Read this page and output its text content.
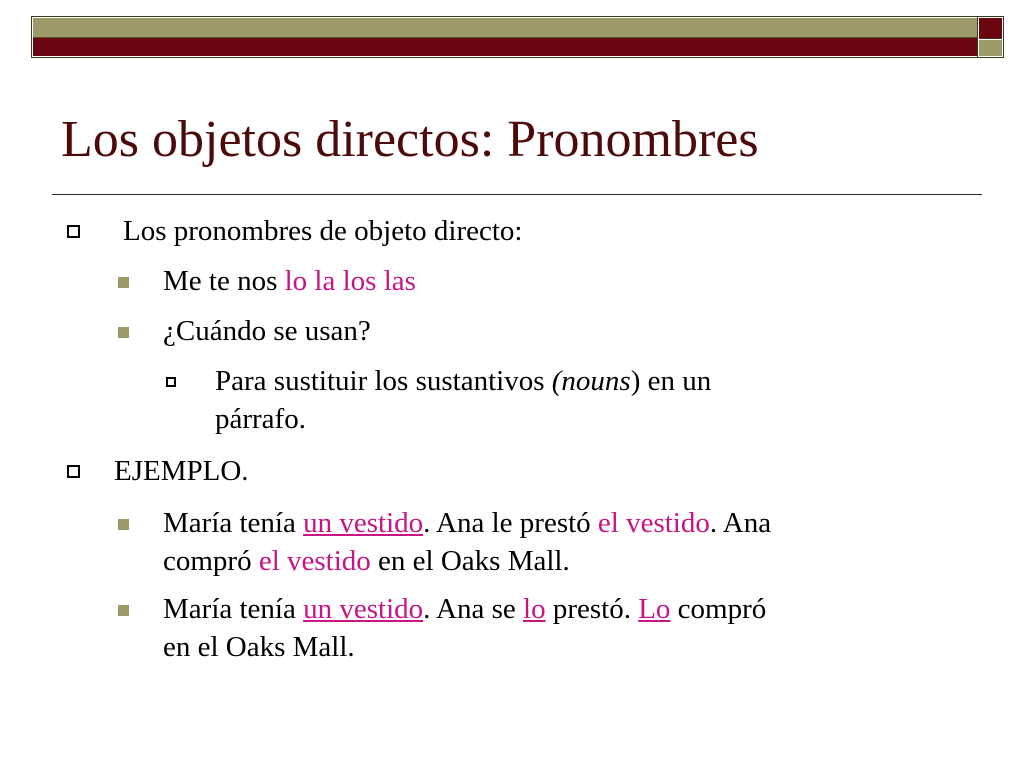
Los objetos directos: Pronombres
Los pronombres de objeto directo:
Me te nos lo la los las
¿Cuándo se usan?
Para sustituir los sustantivos (nouns) en un
párrafo.
EJEMPLO.
María tenía un vestido. Ana le prestó el vestido. Ana
compró el vestido en el Oaks Mall.
María tenía un vestido. Ana se lo prestó. Lo compró
en el Oaks Mall.
